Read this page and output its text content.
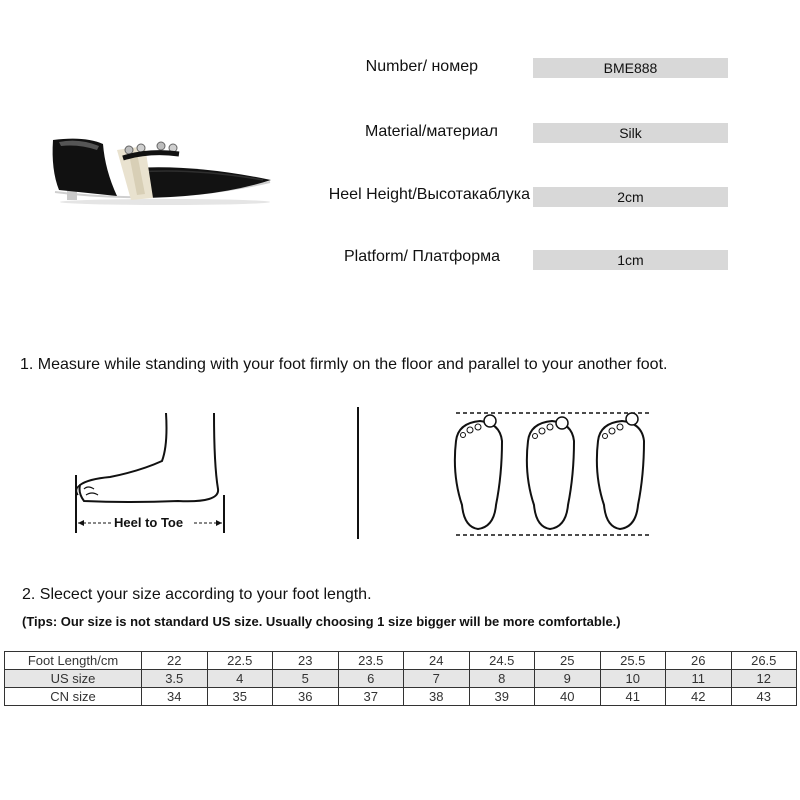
Number/ номер	BME888
Material/материал	Silk
Heel Height/Высотакаблука	2cm
Platform/ Платформа	1cm
1. Measure while standing with your foot firmly on the floor and parallel to your another foot.
Heel to Toe
2. Slecect your size according to your foot length.
(Tips: Our size is not standard US size. Usually choosing 1 size bigger will be more comfortable.)
Foot Length/cm	22	22.5	23	23.5	24	24.5	25	25.5	26	26.5
US size	3.5	4	5	6	7	8	9	10	11	12
CN size	34	35	36	37	38	39	40	41	42	43
